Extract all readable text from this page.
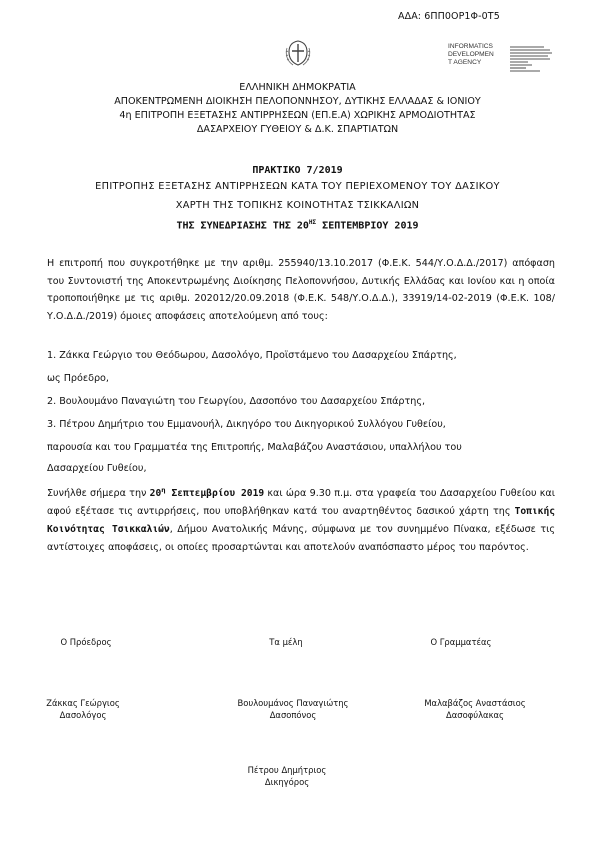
ΑΔΑ: 6ΠΠ0ΟΡ1Φ-0Τ5
INFORMATICS
DEVELOPMEN
T AGENCY
ΕΛΛΗΝΙΚΗ ΔΗΜΟΚΡΑΤΙΑ
ΑΠΟΚΕΝΤΡΩΜΕΝΗ ΔΙΟΙΚΗΣΗ ΠΕΛΟΠΟΝΝΗΣΟΥ, ΔΥΤΙΚΗΣ ΕΛΛΑΔΑΣ & ΙΟΝΙΟΥ
4η ΕΠΙΤΡΟΠΗ ΕΞΕΤΑΣΗΣ ΑΝΤΙΡΡΗΣΕΩΝ (ΕΠ.Ε.Α) ΧΩΡΙΚΗΣ ΑΡΜΟΔΙΟΤΗΤΑΣ
ΔΑΣΑΡΧΕΙΟΥ ΓΥΘΕΙΟΥ & Δ.Κ. ΣΠΑΡΤΙΑΤΩΝ
ΠΡΑΚΤΙΚΟ 7/2019
ΕΠΙΤΡΟΠΗΣ ΕΞΕΤΑΣΗΣ ΑΝΤΙΡΡΗΣΕΩΝ ΚΑΤΑ ΤΟΥ ΠΕΡΙΕΧΟΜΕΝΟΥ ΤΟΥ ΔΑΣΙΚΟΥ
ΧΑΡΤΗ ΤΗΣ ΤΟΠΙΚΗΣ ΚΟΙΝΟΤΗΤΑΣ ΤΣΙΚΚΑΛΙΩΝ
ΤΗΣ ΣΥΝΕΔΡΙΑΣΗΣ ΤΗΣ $20^{H\Sigma}$ ΣΕΠΤΕΜΒΡΙΟΥ 2019
Η επιτροπή που συγκροτήθηκε με την αριθμ. 255940/13.10.2017 (Φ.Ε.Κ. 544/Υ.Ο.Δ.Δ./2017) απόφαση του Συντονιστή της Αποκεντρωμένης Διοίκησης Πελοποννήσου, Δυτικής Ελλάδας και Ιονίου και η οποία τροποποιήθηκε με τις αριθμ. 202012/20.09.2018 (Φ.Ε.Κ. 548/Υ.Ο.Δ.Δ.), 33919/14-02-2019 (Φ.Ε.Κ. 108/Υ.Ο.Δ.Δ./2019) όμοιες αποφάσεις αποτελούμενη από τους:
1. Ζάκκα Γεώργιο του Θεόδωρου, Δασολόγο, Προϊστάμενο του Δασαρχείου Σπάρτης,
ως Πρόεδρο,
2. Βουλουμάνο Παναγιώτη του Γεωργίου, Δασοπόνο του Δασαρχείου Σπάρτης,
3. Πέτρου Δημήτριο του Εμμανουήλ, Δικηγόρο του Δικηγορικού Συλλόγου Γυθείου,
παρουσία και του Γραμματέα της Επιτροπής, Μαλαβάζου Αναστάσιου, υπαλλήλου του
Δασαρχείου Γυθείου,
Συνήλθε σήμερα την $20^\eta$ Σεπτεμβρίου 2019 και ώρα 9.30 π.μ. στα γραφεία του Δασαρχείου Γυθείου και αφού εξέτασε τις αντιρρήσεις, που υποβλήθηκαν κατά του αναρτηθέντος δασικού χάρτη της Τοπικής Κοινότητας Τσικκαλιών, Δήμου Ανατολικής Μάνης, σύμφωνα με τον συνημμένο Πίνακα, εξέδωσε τις αντίστοιχες αποφάσεις, οι οποίες προσαρτώνται και αποτελούν αναπόσπαστο μέρος του παρόντος.
Ο Πρόεδρος	Τα μέλη	Ο Γραμματέας
Ζάκκας Γεώργιος
Δασολόγος
Βουλουμάνος Παναγιώτης
Δασοπόνος
Μαλαβάζος Αναστάσιος
Δασοφύλακας
Πέτρου Δημήτριος
Δικηγόρος
